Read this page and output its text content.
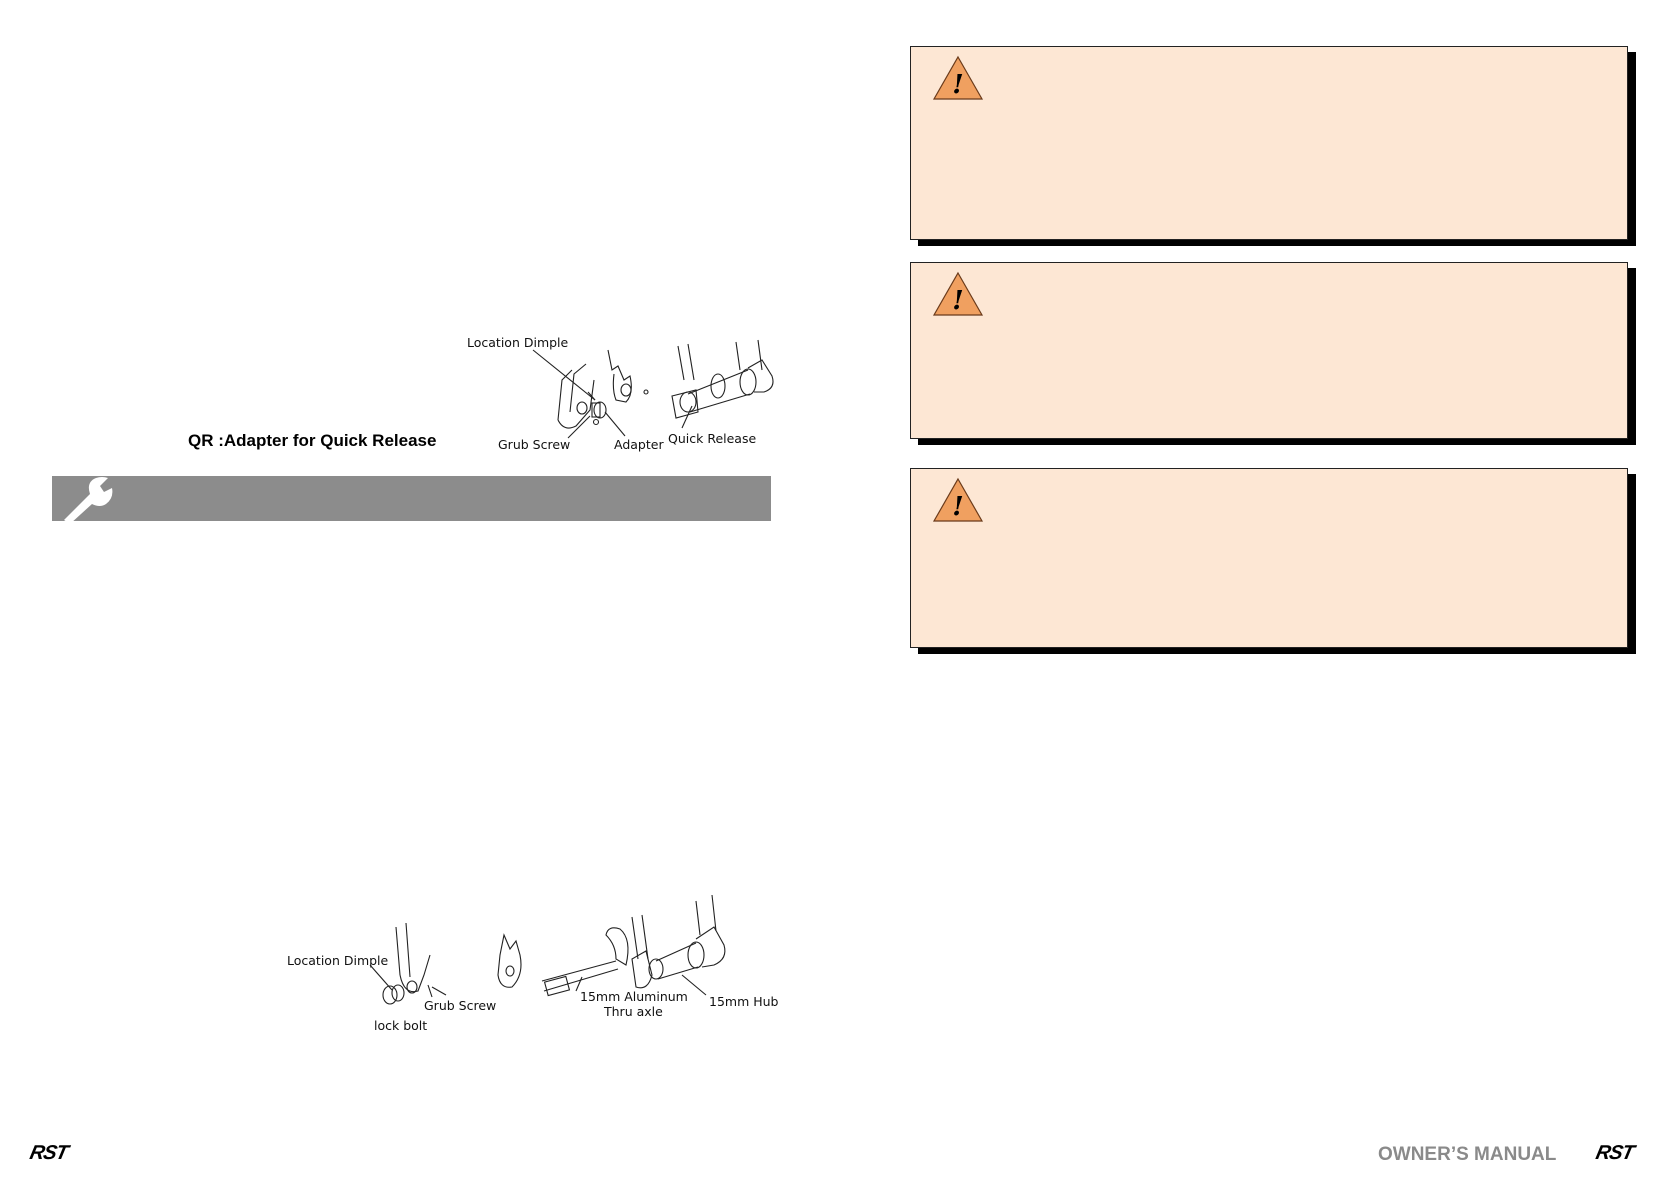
Location Dimple
Grub Screw	Adapter Quick Release
QR :Adapter for Quick Release
Location Dimple
Grub Screw
lock bolt
15mm Aluminum
Thru axle
15mm Hub
RST
!
!
!
OWNER’S MANUAL RST
